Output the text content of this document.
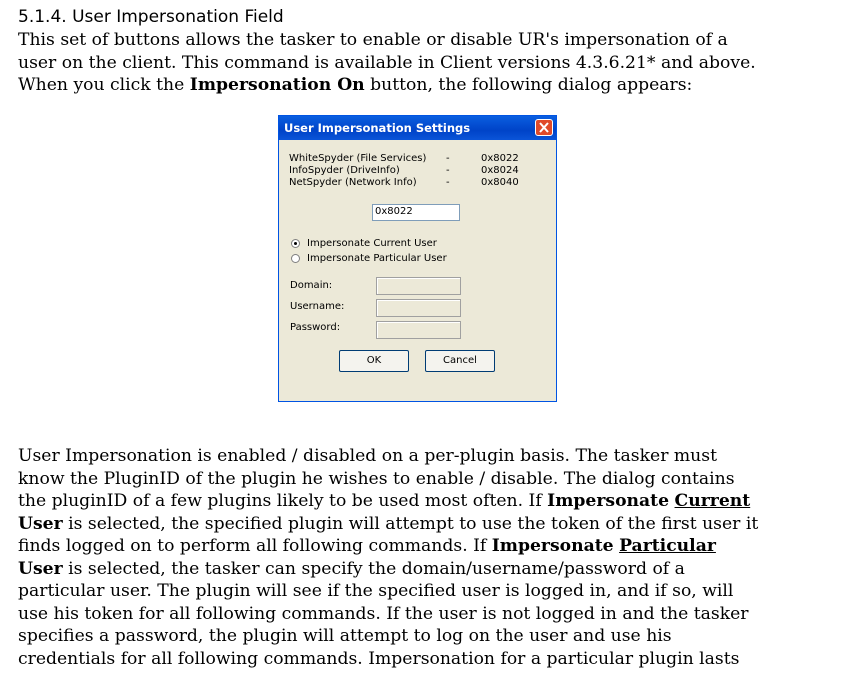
5.1.4. User Impersonation Field

This set of buttons allows the tasker to enable or disable UR's impersonation of a
user on the client. This command is available in Client versions 4.3.6.21* and above.
When you click the Impersonation On button, the following dialog appears:

User Impersonation Settings
WhiteSpyder (File Services) -	0x8022
InfoSpyder (DriveInfo)	-	0x8024
NetSpyder (Network Info)	-	0x8040
0x8022
Impersonate Current User
Impersonate Particular User
Domain:
Username:
Password:
OK	Cancel

User Impersonation is enabled / disabled on a per-plugin basis. The tasker must
know the PluginID of the plugin he wishes to enable / disable. The dialog contains
the pluginID of a few plugins likely to be used most often. If Impersonate Current
User is selected, the specified plugin will attempt to use the token of the first user it
finds logged on to perform all following commands. If Impersonate Particular
User is selected, the tasker can specify the domain/username/password of a
particular user. The plugin will see if the specified user is logged in, and if so, will
use his token for all following commands. If the user is not logged in and the tasker
specifies a password, the plugin will attempt to log on the user and use his
credentials for all following commands. Impersonation for a particular plugin lasts
